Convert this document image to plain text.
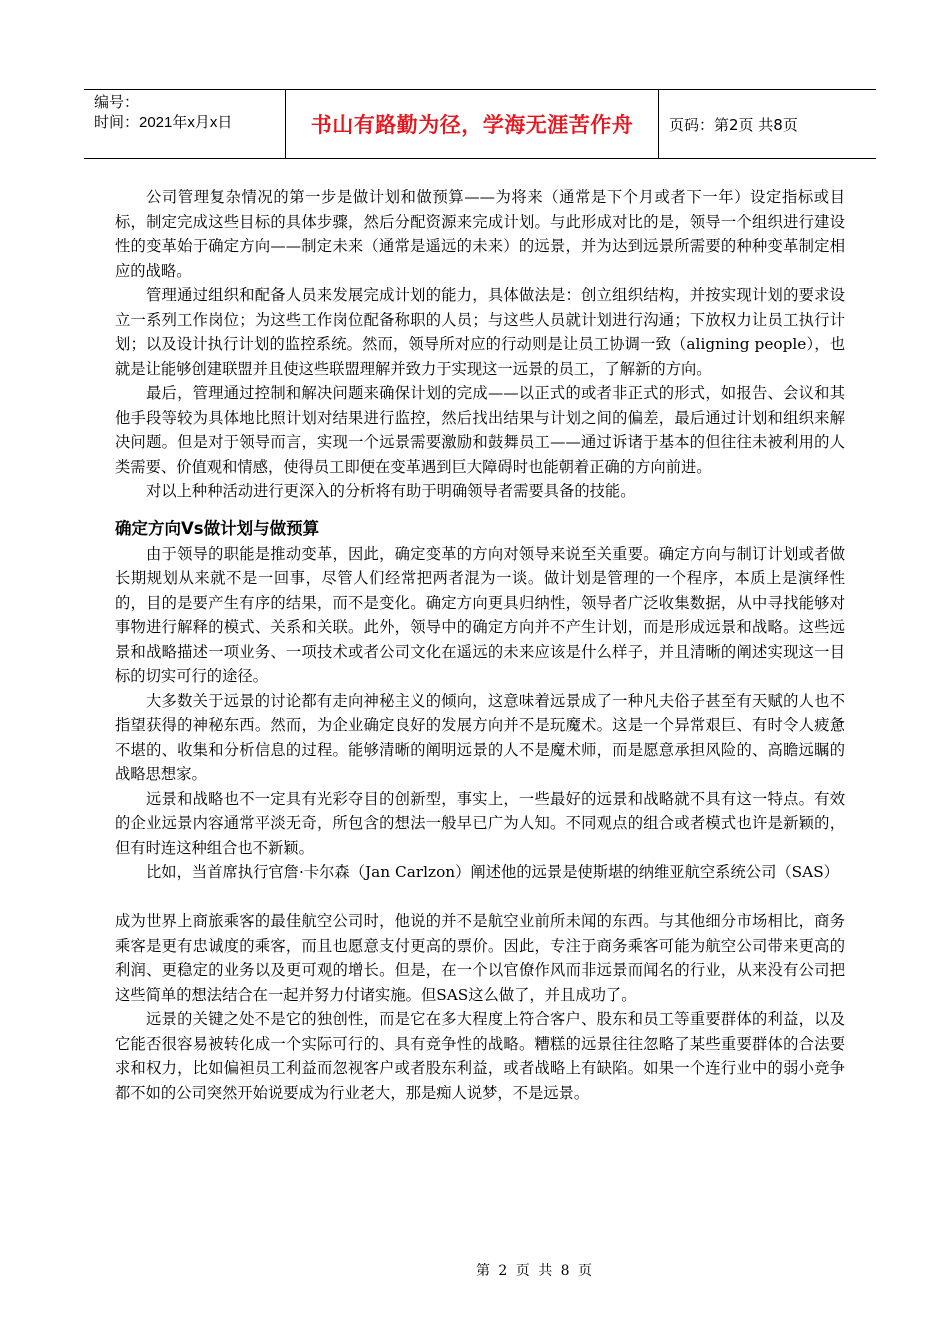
编号：
时间：2021年x月x日	书山有路勤为径，学海无涯苦作舟	页码：第2页 共8页

公司管理复杂情况的第一步是做计划和做预算——为将来（通常是下个月或者下一年）设定指标或目标，制定完成这些目标的具体步骤，然后分配资源来完成计划。与此形成对比的是，领导一个组织进行建设性的变革始于确定方向——制定未来（通常是遥远的未来）的远景，并为达到远景所需要的种种变革制定相应的战略。

管理通过组织和配备人员来发展完成计划的能力，具体做法是：创立组织结构，并按实现计划的要求设立一系列工作岗位；为这些工作岗位配备称职的人员；与这些人员就计划进行沟通；下放权力让员工执行计划；以及设计执行计划的监控系统。然而，领导所对应的行动则是让员工协调一致（aligning people），也就是让能够创建联盟并且使这些联盟理解并致力于实现这一远景的员工，了解新的方向。

最后，管理通过控制和解决问题来确保计划的完成——以正式的或者非正式的形式，如报告、会议和其他手段等较为具体地比照计划对结果进行监控，然后找出结果与计划之间的偏差，最后通过计划和组织来解决问题。但是对于领导而言，实现一个远景需要激励和鼓舞员工——通过诉诸于基本的但往往未被利用的人类需要、价值观和情感，使得员工即便在变革遇到巨大障碍时也能朝着正确的方向前进。

对以上种种活动进行更深入的分析将有助于明确领导者需要具备的技能。

确定方向Vs做计划与做预算

由于领导的职能是推动变革，因此，确定变革的方向对领导来说至关重要。确定方向与制订计划或者做长期规划从来就不是一回事，尽管人们经常把两者混为一谈。做计划是管理的一个程序，本质上是演绎性的，目的是要产生有序的结果，而不是变化。确定方向更具归纳性，领导者广泛收集数据，从中寻找能够对事物进行解释的模式、关系和关联。此外，领导中的确定方向并不产生计划，而是形成远景和战略。这些远景和战略描述一项业务、一项技术或者公司文化在遥远的未来应该是什么样子，并且清晰的阐述实现这一目标的切实可行的途径。

大多数关于远景的讨论都有走向神秘主义的倾向，这意味着远景成了一种凡夫俗子甚至有天赋的人也不指望获得的神秘东西。然而，为企业确定良好的发展方向并不是玩魔术。这是一个异常艰巨、有时令人疲惫不堪的、收集和分析信息的过程。能够清晰的阐明远景的人不是魔术师，而是愿意承担风险的、高瞻远瞩的战略思想家。

远景和战略也不一定具有光彩夺目的创新型，事实上，一些最好的远景和战略就不具有这一特点。有效的企业远景内容通常平淡无奇，所包含的想法一般早已广为人知。不同观点的组合或者模式也许是新颖的，但有时连这种组合也不新颖。

比如，当首席执行官詹·卡尔森（Jan Carlzon）阐述他的远景是使斯堪的纳维亚航空系统公司（SAS）

成为世界上商旅乘客的最佳航空公司时，他说的并不是航空业前所未闻的东西。与其他细分市场相比，商务乘客是更有忠诚度的乘客，而且也愿意支付更高的票价。因此，专注于商务乘客可能为航空公司带来更高的利润、更稳定的业务以及更可观的增长。但是，在一个以官僚作风而非远景而闻名的行业，从来没有公司把这些简单的想法结合在一起并努力付诸实施。但SAS这么做了，并且成功了。

远景的关键之处不是它的独创性，而是它在多大程度上符合客户、股东和员工等重要群体的利益，以及它能否很容易被转化成一个实际可行的、具有竞争性的战略。糟糕的远景往往忽略了某些重要群体的合法要求和权力，比如偏袒员工利益而忽视客户或者股东利益，或者战略上有缺陷。如果一个连行业中的弱小竞争都不如的公司突然开始说要成为行业老大，那是痴人说梦，不是远景。

第 2 页 共 8 页
